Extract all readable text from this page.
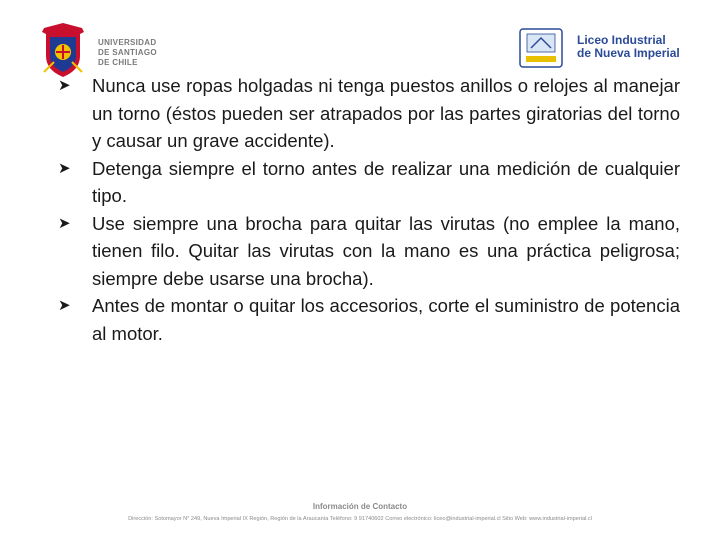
UNIVERSIDAD
DE SANTIAGO
DE CHILE
Liceo Industrial
de Nueva Imperial
➤ Nunca use ropas holgadas ni tenga puestos anillos o relojes al manejar un torno (éstos pueden ser atrapados por las partes giratorias del torno y causar un grave accidente).
➤ Detenga siempre el torno antes de realizar una medición de cualquier tipo.
➤ Use siempre una brocha para quitar las virutas (no emplee la mano, tienen filo. Quitar las virutas con la mano es una práctica peligrosa; siempre debe usarse una brocha).
➤ Antes de montar o quitar los accesorios, corte el suministro de potencia al motor.
Información de Contacto
Dirección: Sotomayor N° 249, Nueva Imperial IX Región, Región de la Araucanía Teléfono: 9 91740602 Correo electrónico: liceo@industrial-imperial.cl Sitio Web: www.industrial-imperial.cl
